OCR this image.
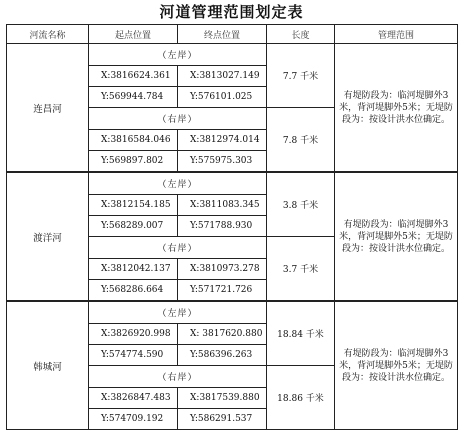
河道管理范围划定表
河流名称	起点位置	终点位置	长度	管理范围
连昌河	（左岸）		7.7 千米	有堤防段为：临河堤脚外3米，背河堤脚外5米；无堤防段为：按设计洪水位确定。
	X:3816624.361	X:3813027.149		
	Y:569944.784	Y:576101.025		
	（右岸）		7.8 千米	
	X:3816584.046	X:3812974.014		
	Y:569897.802	Y:575975.303		
渡洋河	（左岸）		3.8 千米	有堤防段为：临河堤脚外3米，背河堤脚外5米；无堤防段为：按设计洪水位确定。
	X:3812154.185	X:3811083.345		
	Y:568289.007	Y:571788.930		
	（右岸）		3.7 千米	
	X:3812042.137	X:3810973.278		
	Y:568286.664	Y:571721.726		
韩城河	（左岸）		18.84 千米	有堤防段为：临河堤脚外3米，背河堤脚外5米；无堤防段为：按设计洪水位确定。
	X:3826920.998	X: 3817620.880		
	Y:574774.590	Y:586396.263		
	（右岸）		18.86 千米	
	X:3826847.483	X:3817539.880		
	Y:574709.192	Y:586291.537		
